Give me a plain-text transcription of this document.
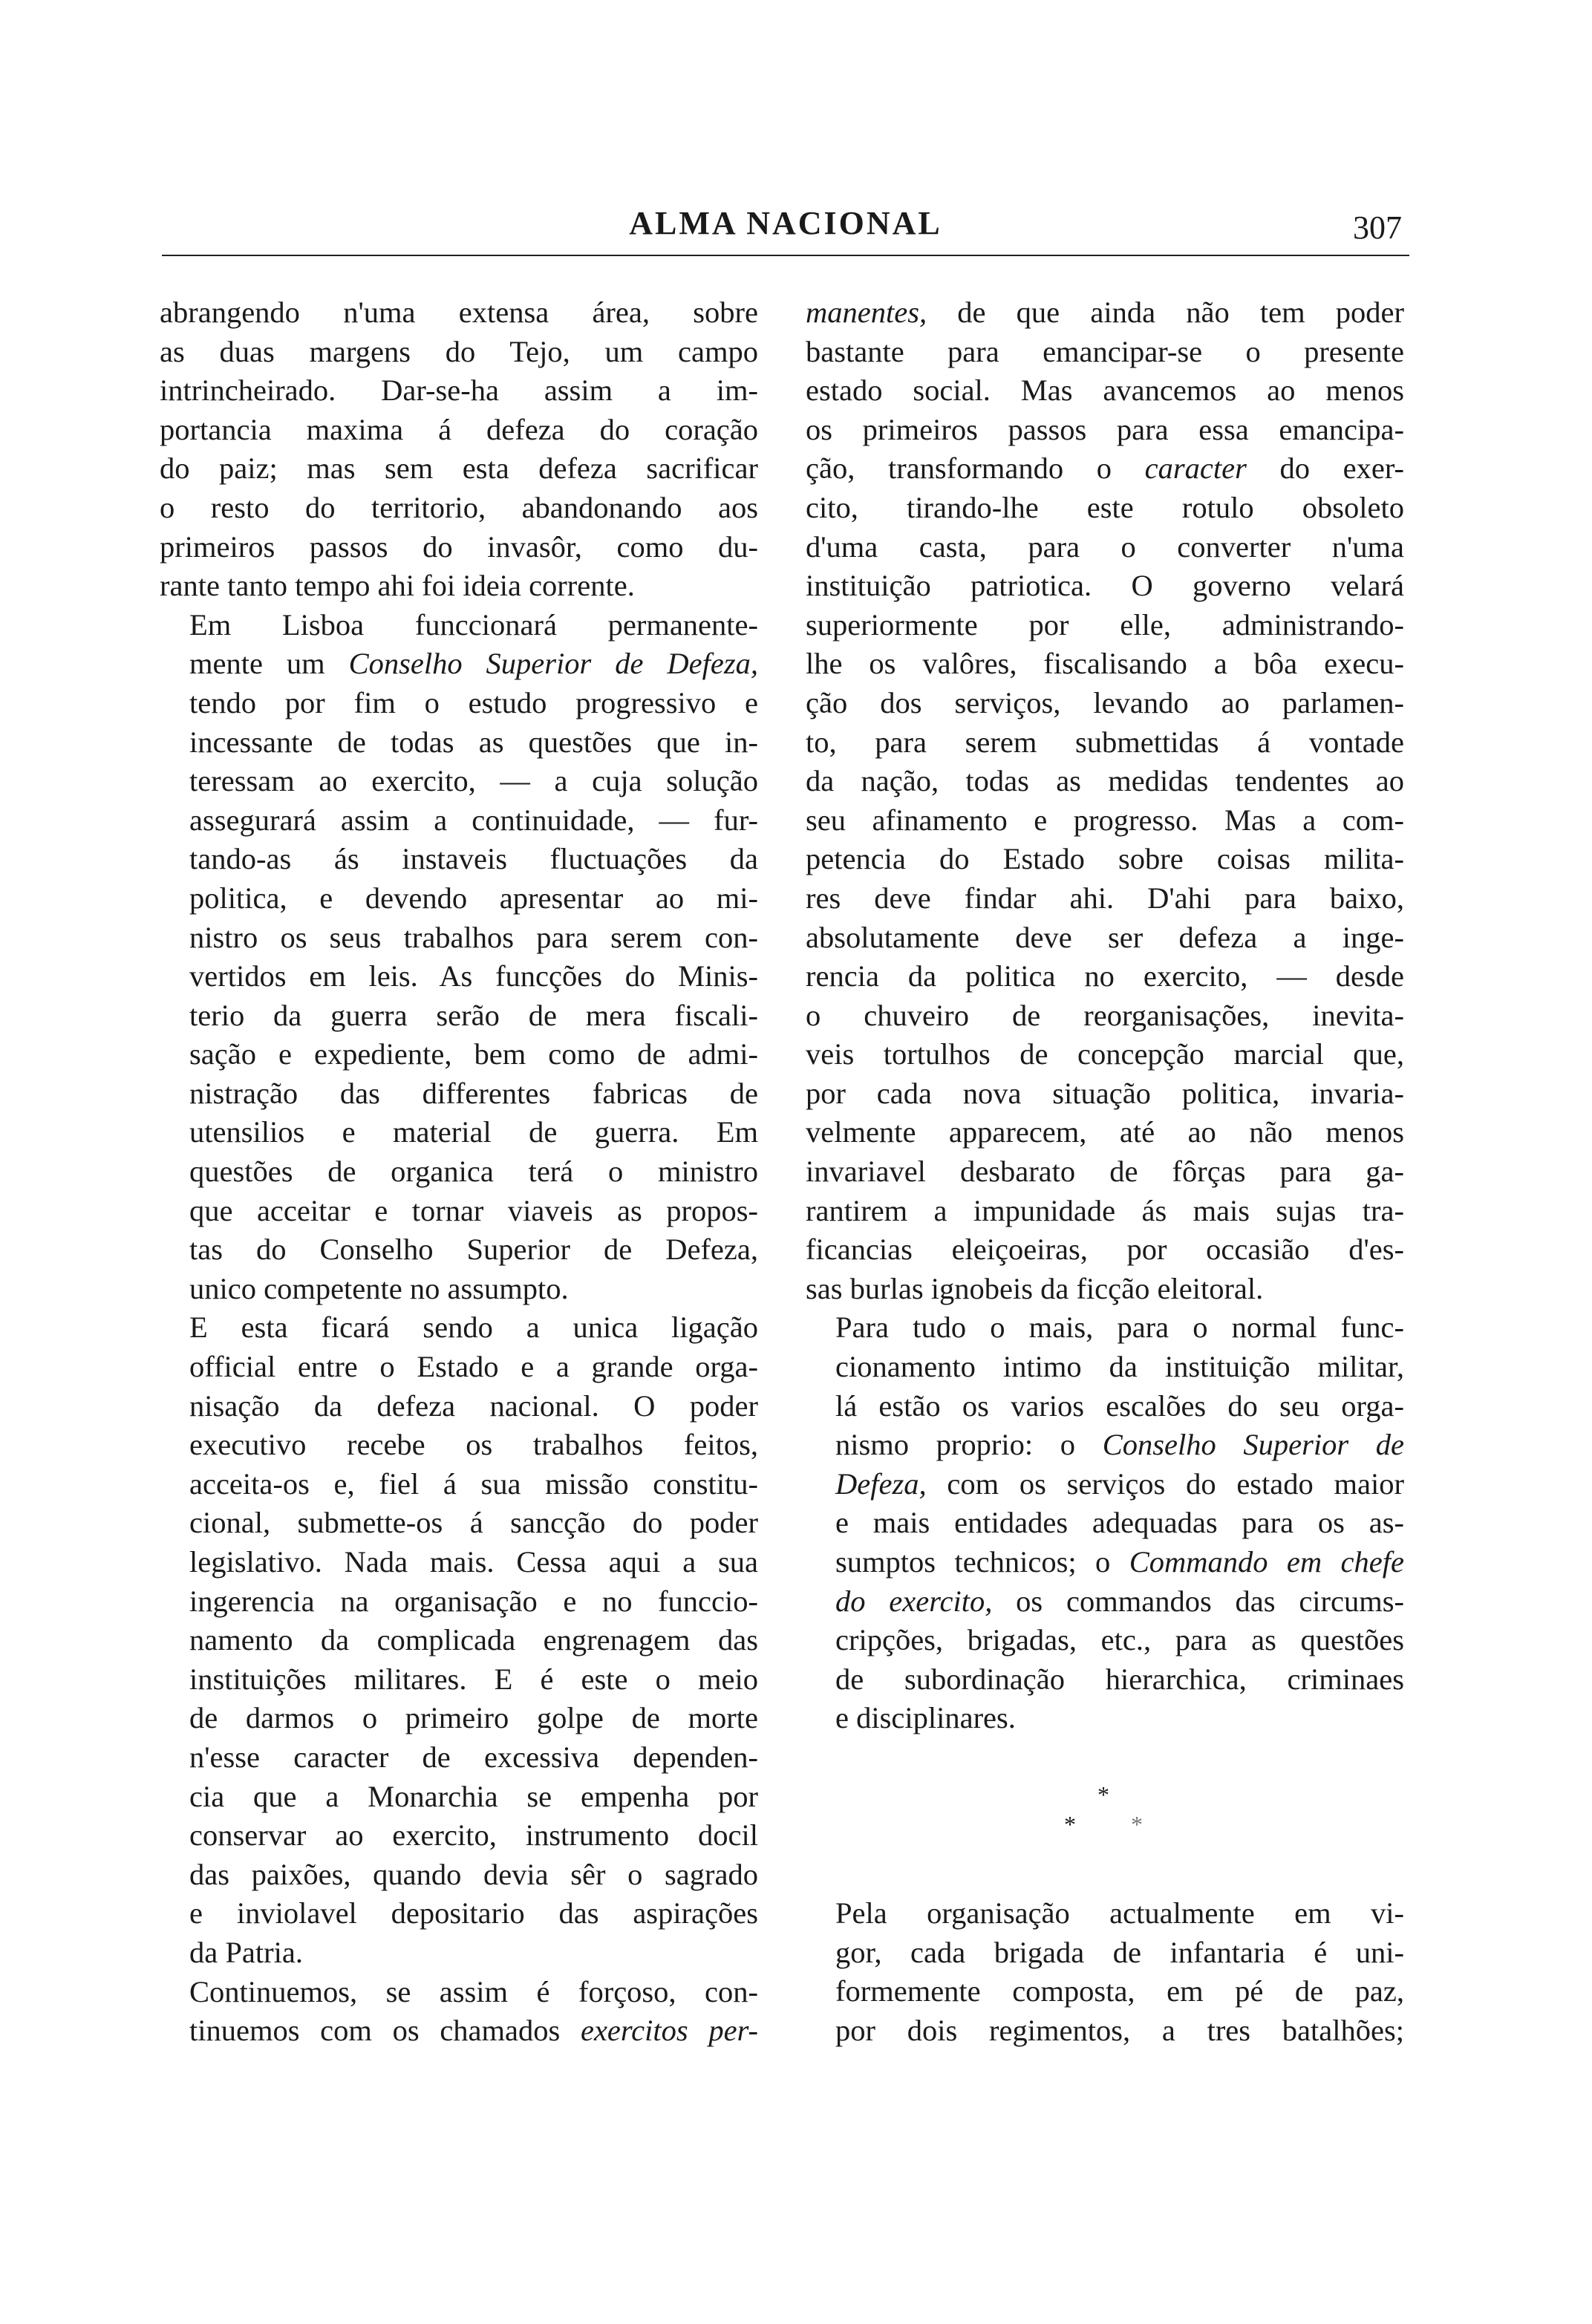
ALMA NACIONAL	307

abrangendo n'uma extensa área, sobre
as duas margens do Tejo, um campo
intrincheirado. Dar-se-ha assim a im-
portancia maxima á defeza do coração
do paiz; mas sem esta defeza sacrificar
o resto do territorio, abandonando aos
primeiros passos do invasôr, como du-
rante tanto tempo ahi foi ideia corrente.

Em Lisboa funccionará permanente-
mente um Conselho Superior de Defeza,
tendo por fim o estudo progressivo e
incessante de todas as questões que in-
teressam ao exercito, — a cuja solução
assegurará assim a continuidade, — fur-
tando-as ás instaveis fluctuações da
politica, e devendo apresentar ao mi-
nistro os seus trabalhos para serem con-
vertidos em leis. As funcções do Minis-
terio da guerra serão de mera fiscali-
sação e expediente, bem como de admi-
nistração das differentes fabricas de
utensilios e material de guerra. Em
questões de organica terá o ministro
que acceitar e tornar viaveis as propos-
tas do Conselho Superior de Defeza,
unico competente no assumpto.

E esta ficará sendo a unica ligação
official entre o Estado e a grande orga-
nisação da defeza nacional. O poder
executivo recebe os trabalhos feitos,
acceita-os e, fiel á sua missão constitu-
cional, submette-os á sancção do poder
legislativo. Nada mais. Cessa aqui a sua
ingerencia na organisação e no funccio-
namento da complicada engrenagem das
instituições militares. E é este o meio
de darmos o primeiro golpe de morte
n'esse caracter de excessiva dependen-
cia que a Monarchia se empenha por
conservar ao exercito, instrumento docil
das paixões, quando devia sêr o sagrado
e inviolavel depositario das aspirações
da Patria.

Continuemos, se assim é forçoso, con-
tinuemos com os chamados exercitos per-

manentes, de que ainda não tem poder
bastante para emancipar-se o presente
estado social. Mas avancemos ao menos
os primeiros passos para essa emancipa-
ção, transformando o caracter do exer-
cito, tirando-lhe este rotulo obsoleto
d'uma casta, para o converter n'uma
instituição patriotica. O governo velará
superiormente por elle, administrando-
lhe os valôres, fiscalisando a bôa execu-
ção dos serviços, levando ao parlamen-
to, para serem submettidas á vontade
da nação, todas as medidas tendentes ao
seu afinamento e progresso. Mas a com-
petencia do Estado sobre coisas milita-
res deve findar ahi. D'ahi para baixo,
absolutamente deve ser defeza a inge-
rencia da politica no exercito, — desde
o chuveiro de reorganisações, inevita-
veis tortulhos de concepção marcial que,
por cada nova situação politica, invaria-
velmente apparecem, até ao não menos
invariavel desbarato de fôrças para ga-
rantirem a impunidade ás mais sujas tra-
ficancias eleiçoeiras, por occasião d'es-
sas burlas ignobeis da ficção eleitoral.

Para tudo o mais, para o normal func-
cionamento intimo da instituição militar,
lá estão os varios escalões do seu orga-
nismo proprio: o Conselho Superior de
Defeza, com os serviços do estado maior
e mais entidades adequadas para os as-
sumptos technicos; o Commando em chefe
do exercito, os commandos das circums-
cripções, brigadas, etc., para as questões
de subordinação hierarchica, criminaes
e disciplinares.

*
* *

Pela organisação actualmente em vi-
gor, cada brigada de infantaria é uni-
formemente composta, em pé de paz,
por dois regimentos, a tres batalhões;
